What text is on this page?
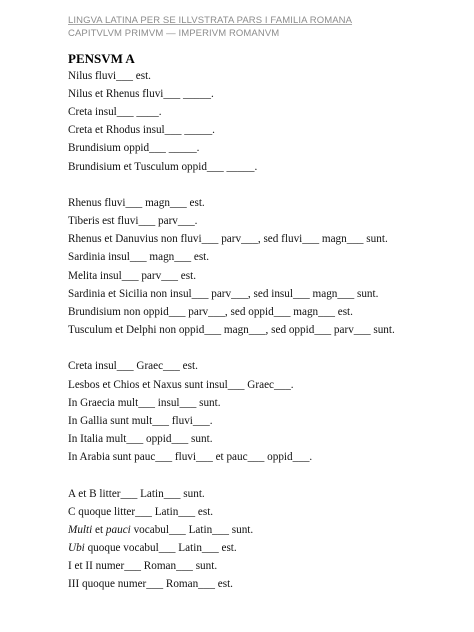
LINGVA LATINA PER SE ILLVSTRATA PARS I FAMILIA ROMANA
CAPITVLVM PRIMVM — IMPERIVM ROMANVM
PENSVM A
Nilus fluvi___ est.
Nilus et Rhenus fluvi___ _____.
Creta insul___ ____.
Creta et Rhodus insul___ _____.
Brundisium oppid___ _____.
Brundisium et Tusculum oppid___ _____.
Rhenus fluvi___ magn___ est.
Tiberis est fluvi___ parv___.
Rhenus et Danuvius non fluvi___ parv___, sed fluvi___ magn___ sunt.
Sardinia insul___ magn___ est.
Melita insul___ parv___ est.
Sardinia et Sicilia non insul___ parv___, sed insul___ magn___ sunt.
Brundisium non oppid___ parv___, sed oppid___ magn___ est.
Tusculum et Delphi non oppid___ magn___, sed oppid___ parv___ sunt.
Creta insul___ Graec___ est.
Lesbos et Chios et Naxus sunt insul___ Graec___.
In Graecia mult___ insul___ sunt.
In Gallia sunt mult___ fluvi___.
In Italia mult___ oppid___ sunt.
In Arabia sunt pauc___ fluvi___ et pauc___ oppid___.
A et B litter___ Latin___ sunt.
C quoque litter___ Latin___ est.
Multi et pauci vocabul___ Latin___ sunt.
Ubi quoque vocabul___ Latin___ est.
I et II numer___ Roman___ sunt.
III quoque numer___ Roman___ est.
